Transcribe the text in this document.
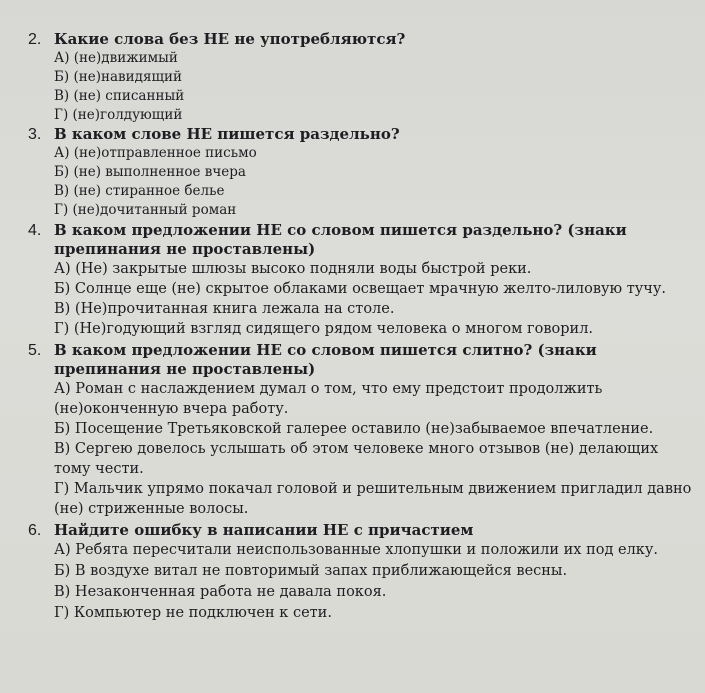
2. Какие слова без НЕ не употребляются?
А) (не)движимый
Б) (не)навидящий
В) (не) списанный
Г) (не)голдующий
3. В каком слове НЕ пишется раздельно?
А) (не)отправленное письмо
Б) (не) выполненное вчера
В) (не) стиранное белье
Г) (не)дочитанный роман
4. В каком предложении НЕ со словом пишется раздельно? (знаки препинания не проставлены)
А) (Не) закрытые шлюзы высоко подняли воды быстрой реки.
Б) Солнце еще (не) скрытое облаками освещает мрачную желто-лиловую тучу.
В) (Не)прочитанная книга лежала на столе.
Г) (Не)годующий взгляд сидящего рядом человека о многом говорил.
5. В каком предложении НЕ со словом пишется слитно? (знаки препинания не проставлены)
А) Роман с наслаждением думал о том, что ему предстоит продолжить (не)оконченную вчера работу.
Б) Посещение Третьяковской галерее оставило (не)забываемое впечатление.
В) Сергею довелось услышать об этом человеке много отзывов (не) делающих тому чести.
Г) Мальчик упрямо покачал головой и решительным движением пригладил давно (не) стриженные волосы.
6. Найдите ошибку в написании НЕ с причастием
А) Ребята пересчитали неиспользованные хлопушки и положили их под елку.
Б) В воздухе витал не повторимый запах приближающейся весны.
В) Незаконченная работа не давала покоя.
Г) Компьютер не подключен к сети.
